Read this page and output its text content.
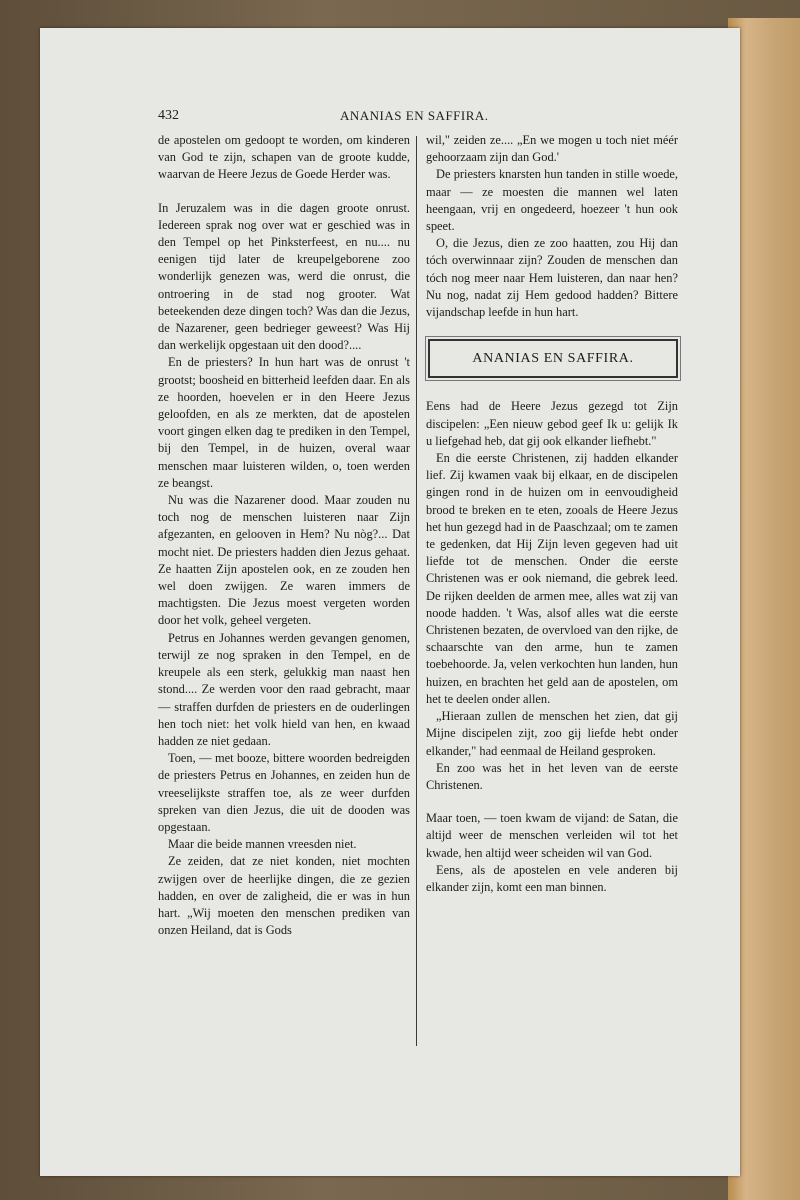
432	ANANIAS EN SAFFIRA.

de apostelen om gedoopt te worden, om kinderen van God te zijn, schapen van de groote kudde, waarvan de Heere Jezus de Goede Herder was.

In Jeruzalem was in die dagen groote onrust. Iedereen sprak nog over wat er geschied was in den Tempel op het Pinksterfeest, en nu.... nu eenigen tijd later de kreupelgeborene zoo wonderlijk genezen was, werd die onrust, die ontroering in de stad nog grooter. Wat beteekenden deze dingen toch? Was dan die Jezus, de Nazarener, geen bedrieger geweest? Was Hij dan werkelijk opgestaan uit den dood?....

En de priesters? In hun hart was de onrust 't grootst; boosheid en bitterheid leefden daar. En als ze hoorden, hoevelen er in den Heere Jezus geloofden, en als ze merkten, dat de apostelen voort gingen elken dag te prediken in den Tempel, bij den Tempel, in de huizen, overal waar menschen maar luisteren wilden, o, toen werden ze beangst.

Nu was die Nazarener dood. Maar zouden nu toch nog de menschen luisteren naar Zijn afgezanten, en gelooven in Hem? Nu nòg?... Dat mocht niet. De priesters hadden dien Jezus gehaat. Ze haatten Zijn apostelen ook, en ze zouden hen wel doen zwijgen. Ze waren immers de machtigsten. Die Jezus moest vergeten worden door het volk, geheel vergeten.

Petrus en Johannes werden gevangen genomen, terwijl ze nog spraken in den Tempel, en de kreupele als een sterk, gelukkig man naast hen stond.... Ze werden voor den raad gebracht, maar — straffen durfden de priesters en de ouderlingen hen toch niet: het volk hield van hen, en kwaad hadden ze niet gedaan.

Toen, — met booze, bittere woorden bedreigden de priesters Petrus en Johannes, en zeiden hun de vreeselijkste straffen toe, als ze weer durfden spreken van dien Jezus, die uit de dooden was opgestaan.

Maar die beide mannen vreesden niet.

Ze zeiden, dat ze niet konden, niet mochten zwijgen over de heerlijke dingen, die ze gezien hadden, en over de zaligheid, die er was in hun hart. „Wij moeten den menschen prediken van onzen Heiland, dat is Gods

wil," zeiden ze.... „En we mogen u toch niet méér gehoorzaam zijn dan God.'

De priesters knarsten hun tanden in stille woede, maar — ze moesten die mannen wel laten heengaan, vrij en ongedeerd, hoezeer 't hun ook speet.

O, die Jezus, dien ze zoo haatten, zou Hij dan tóch overwinnaar zijn? Zouden de menschen dan tóch nog meer naar Hem luisteren, dan naar hen? Nu nog, nadat zij Hem gedood hadden? Bittere vijandschap leefde in hun hart.

ANANIAS EN SAFFIRA.

Eens had de Heere Jezus gezegd tot Zijn discipelen: „Een nieuw gebod geef Ik u: gelijk Ik u liefgehad heb, dat gij ook elkander liefhebt."

En die eerste Christenen, zij hadden elkander lief. Zij kwamen vaak bij elkaar, en de discipelen gingen rond in de huizen om in eenvoudigheid brood te breken en te eten, zooals de Heere Jezus het hun gezegd had in de Paaschzaal; om te zamen te gedenken, dat Hij Zijn leven gegeven had uit liefde tot de menschen. Onder die eerste Christenen was er ook niemand, die gebrek leed. De rijken deelden de armen mee, alles wat zij van noode hadden. 't Was, alsof alles wat die eerste Christenen bezaten, de overvloed van den rijke, de schaarschte van den arme, hun te zamen toebehoorde. Ja, velen verkochten hun landen, hun huizen, en brachten het geld aan de apostelen, om het te deelen onder allen.

„Hieraan zullen de menschen het zien, dat gij Mijne discipelen zijt, zoo gij liefde hebt onder elkander," had eenmaal de Heiland gesproken.

En zoo was het in het leven van de eerste Christenen.

Maar toen, — toen kwam de vijand: de Satan, die altijd weer de menschen verleiden wil tot het kwade, hen altijd weer scheiden wil van God.

Eens, als de apostelen en vele anderen bij elkander zijn, komt een man binnen.
